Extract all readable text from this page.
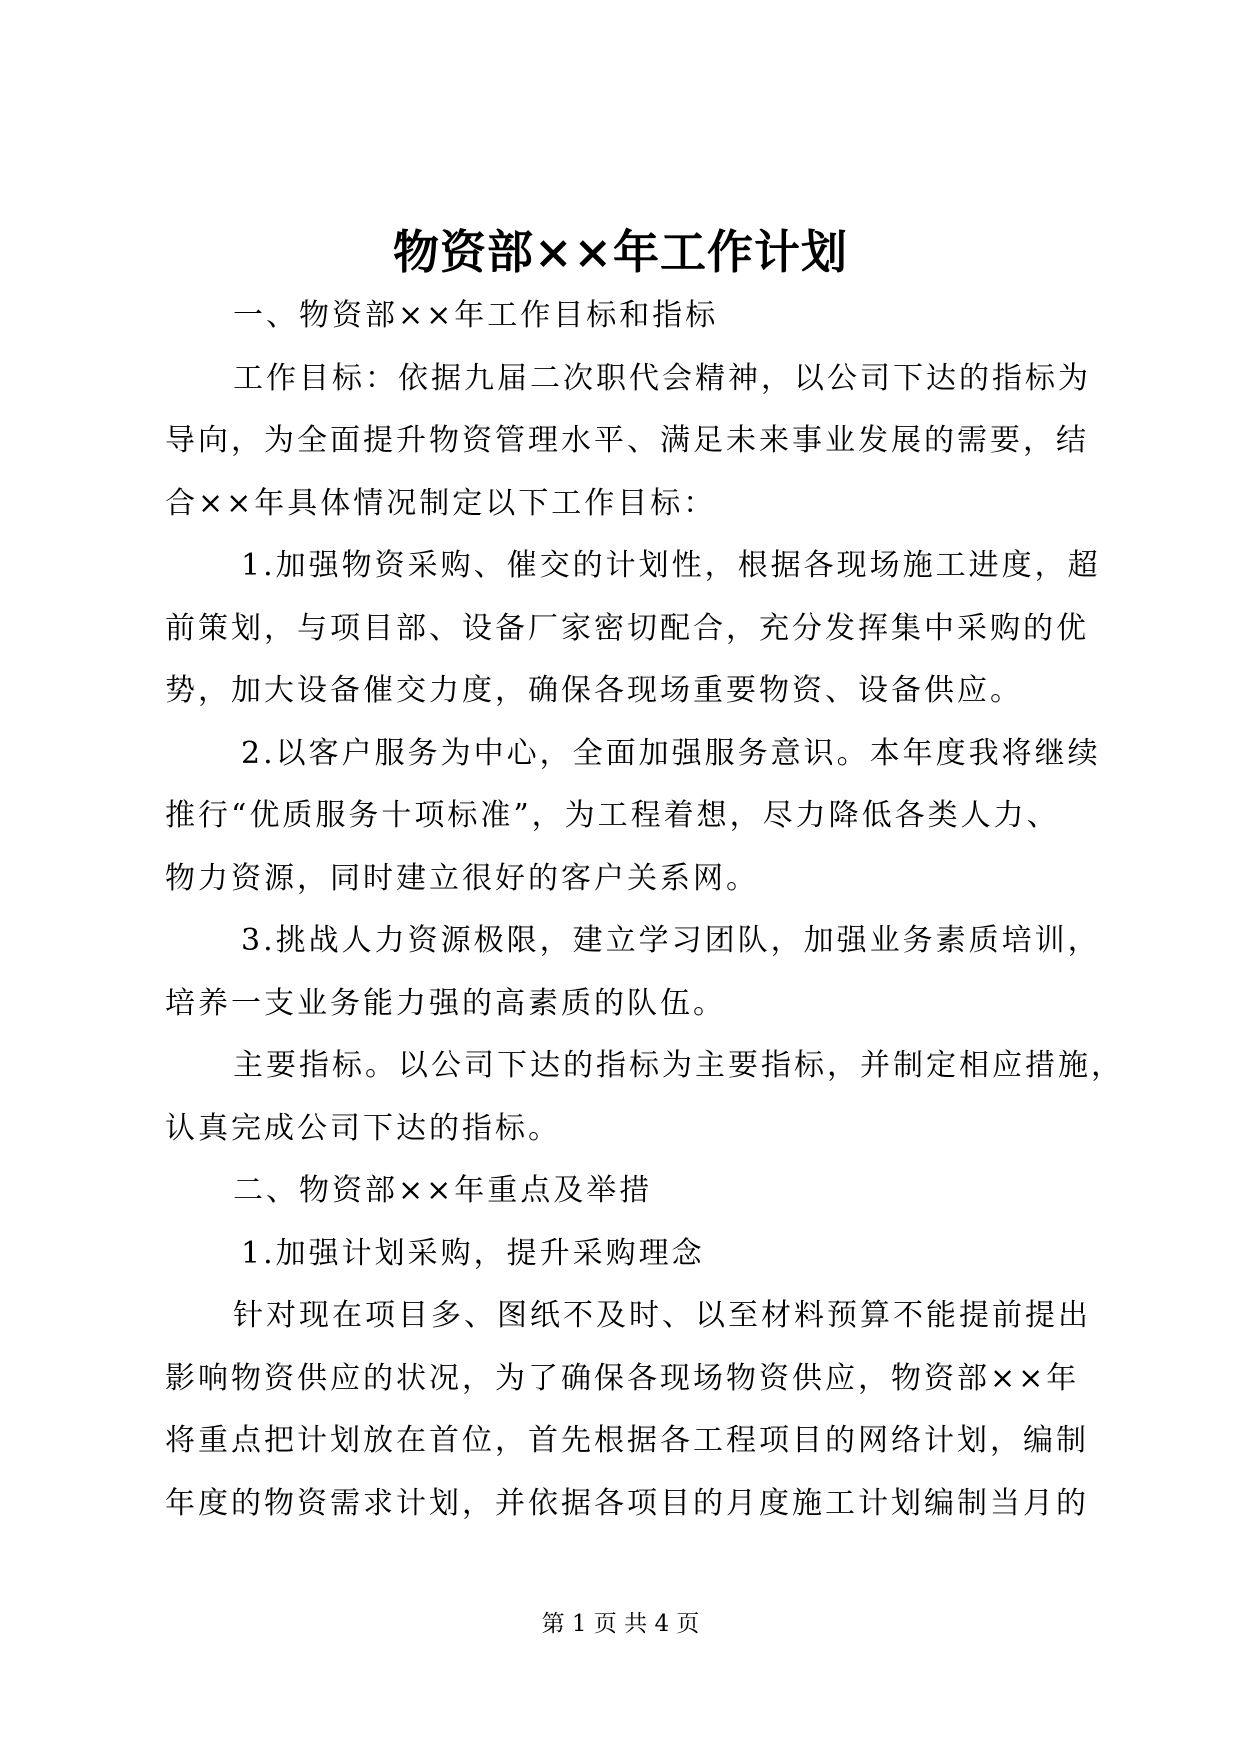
物资部××年工作计划
一、物资部××年工作目标和指标
工作目标：依据九届二次职代会精神，以公司下达的指标为
导向，为全面提升物资管理水平、满足未来事业发展的需要，结
合××年具体情况制定以下工作目标：
1.加强物资采购、催交的计划性，根据各现场施工进度，超
前策划，与项目部、设备厂家密切配合，充分发挥集中采购的优
势，加大设备催交力度，确保各现场重要物资、设备供应。
2.以客户服务为中心，全面加强服务意识。本年度我将继续
推行“优质服务十项标准”，为工程着想，尽力降低各类人力、
物力资源，同时建立很好的客户关系网。
3.挑战人力资源极限，建立学习团队，加强业务素质培训，
培养一支业务能力强的高素质的队伍。
主要指标。以公司下达的指标为主要指标，并制定相应措施，
认真完成公司下达的指标。
二、物资部××年重点及举措
1.加强计划采购，提升采购理念
针对现在项目多、图纸不及时、以至材料预算不能提前提出
影响物资供应的状况，为了确保各现场物资供应，物资部××年
将重点把计划放在首位，首先根据各工程项目的网络计划，编制
年度的物资需求计划，并依据各项目的月度施工计划编制当月的
第 1 页 共 4 页
